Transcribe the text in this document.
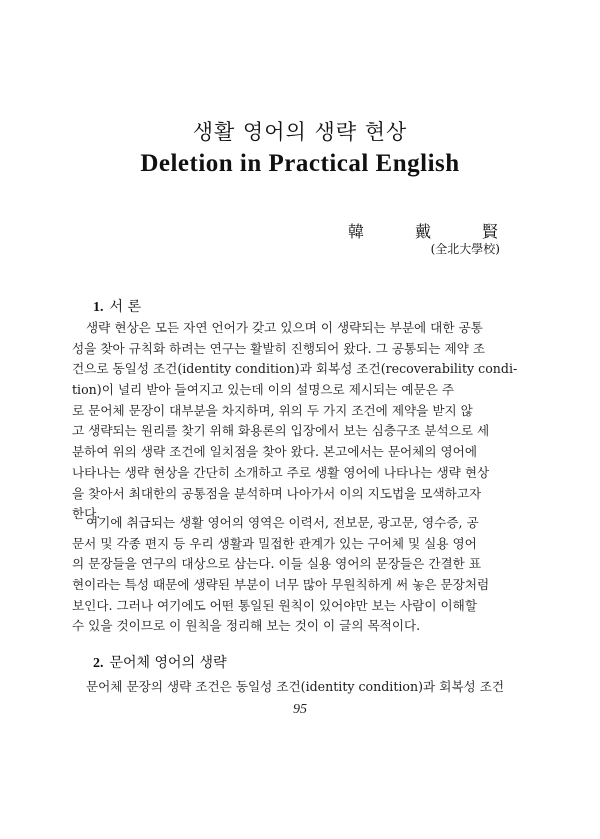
생활 영어의 생략 현상
Deletion in Practical English
韓	戴	賢
(全北大學校)
1. 서 론
생략 현상은 모든 자연 언어가 갖고 있으며 이 생략되는 부분에 대한 공통
성을 찾아 규칙화 하려는 연구는 활발히 진행되어 왔다. 그 공통되는 제약 조
건으로 동일성 조건(identity condition)과 회복성 조건(recoverability condi-
tion)이 널리 받아 들여지고 있는데 이의 설명으로 제시되는 예문은 주
로 문어체 문장이 대부분을 차지하며, 위의 두 가지 조건에 제약을 받지 않
고 생략되는 원리를 찾기 위해 화용론의 입장에서 보는 심층구조 분석으로 세
분하여 위의 생략 조건에 일치점을 찾아 왔다. 본고에서는 문어체의 영어에
나타나는 생략 현상을 간단히 소개하고 주로 생활 영어에 나타나는 생략 현상
을 찾아서 최대한의 공통점을 분석하며 나아가서 이의 지도법을 모색하고자
한다.
여기에 취급되는 생활 영어의 영역은 이력서, 전보문, 광고문, 영수증, 공
문서 및 각종 편지 등 우리 생활과 밀접한 관계가 있는 구어체 및 실용 영어
의 문장들을 연구의 대상으로 삼는다. 이들 실용 영어의 문장들은 간결한 표
현이라는 특성 때문에 생략된 부분이 너무 많아 무원칙하게 써 놓은 문장처럼
보인다. 그러나 여기에도 어떤 통일된 원칙이 있어야만 보는 사람이 이해할
수 있을 것이므로 이 원칙을 정리해 보는 것이 이 글의 목적이다.
2. 문어체 영어의 생략
문어체 문장의 생략 조건은 동일성 조건(identity condition)과 회복성 조건
95
